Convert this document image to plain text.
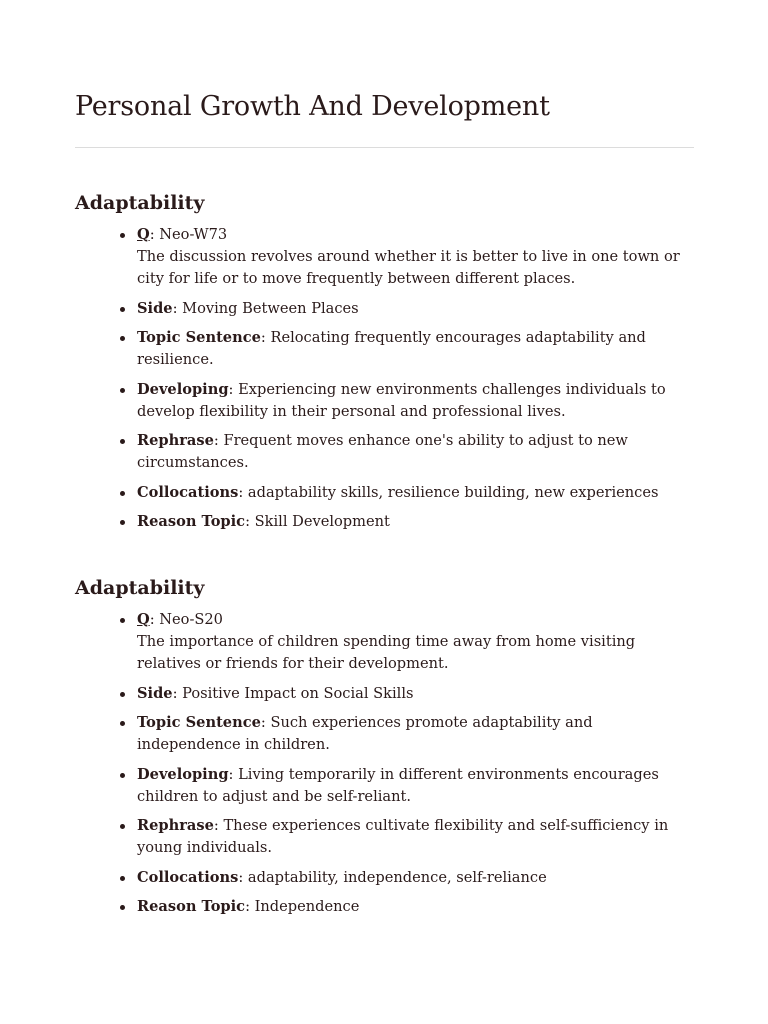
Personal Growth And Development
Adaptability
Q: Neo-W73
The discussion revolves around whether it is better to live in one town or city for life or to move frequently between different places.
Side: Moving Between Places
Topic Sentence: Relocating frequently encourages adaptability and resilience.
Developing: Experiencing new environments challenges individuals to develop flexibility in their personal and professional lives.
Rephrase: Frequent moves enhance one's ability to adjust to new circumstances.
Collocations: adaptability skills, resilience building, new experiences
Reason Topic: Skill Development
Adaptability
Q: Neo-S20
The importance of children spending time away from home visiting relatives or friends for their development.
Side: Positive Impact on Social Skills
Topic Sentence: Such experiences promote adaptability and independence in children.
Developing: Living temporarily in different environments encourages children to adjust and be self-reliant.
Rephrase: These experiences cultivate flexibility and self-sufficiency in young individuals.
Collocations: adaptability, independence, self-reliance
Reason Topic: Independence
